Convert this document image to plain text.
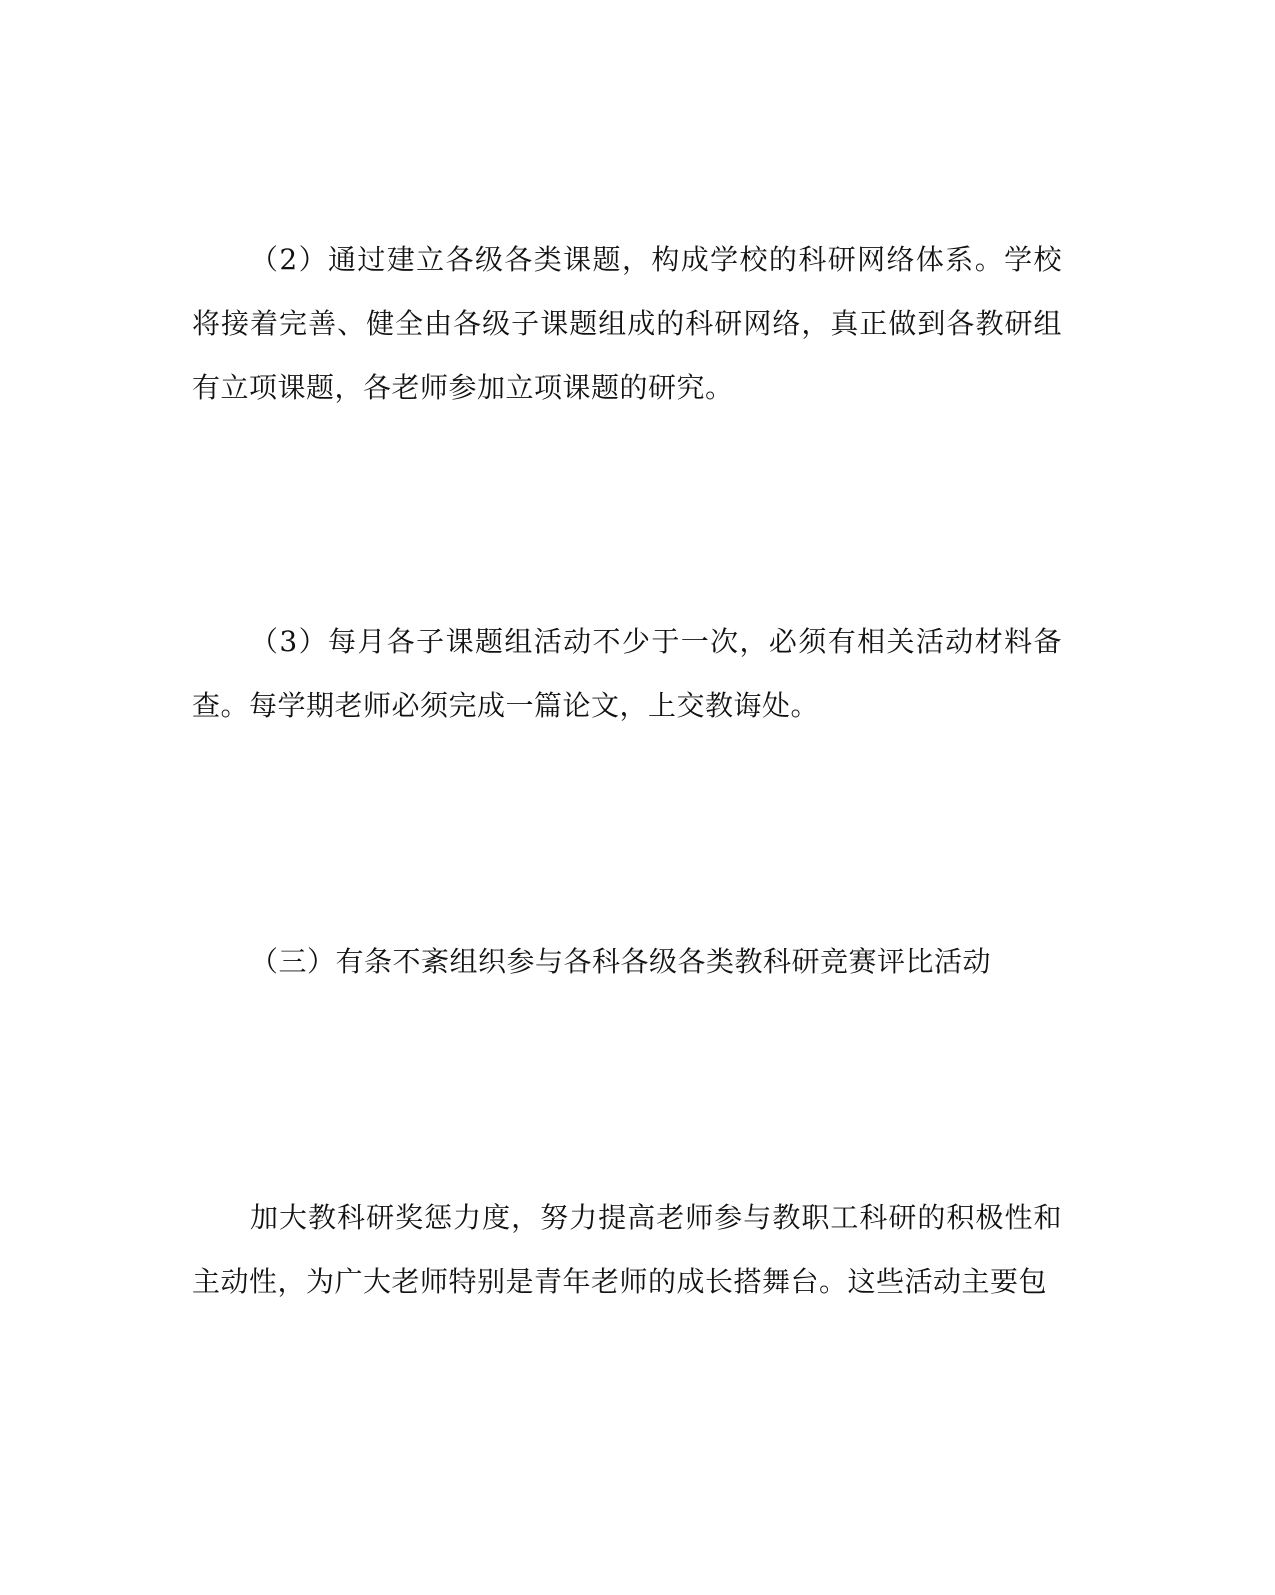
（2）通过建立各级各类课题，构成学校的科研网络体系。学校将接着完善、健全由各级子课题组成的科研网络，真正做到各教研组有立项课题，各老师参加立项课题的研究。

（3）每月各子课题组活动不少于一次，必须有相关活动材料备查。每学期老师必须完成一篇论文，上交教诲处。

（三）有条不紊组织参与各科各级各类教科研竞赛评比活动

加大教科研奖惩力度，努力提高老师参与教职工科研的积极性和主动性，为广大老师特别是青年老师的成长搭舞台。这些活动主要包
